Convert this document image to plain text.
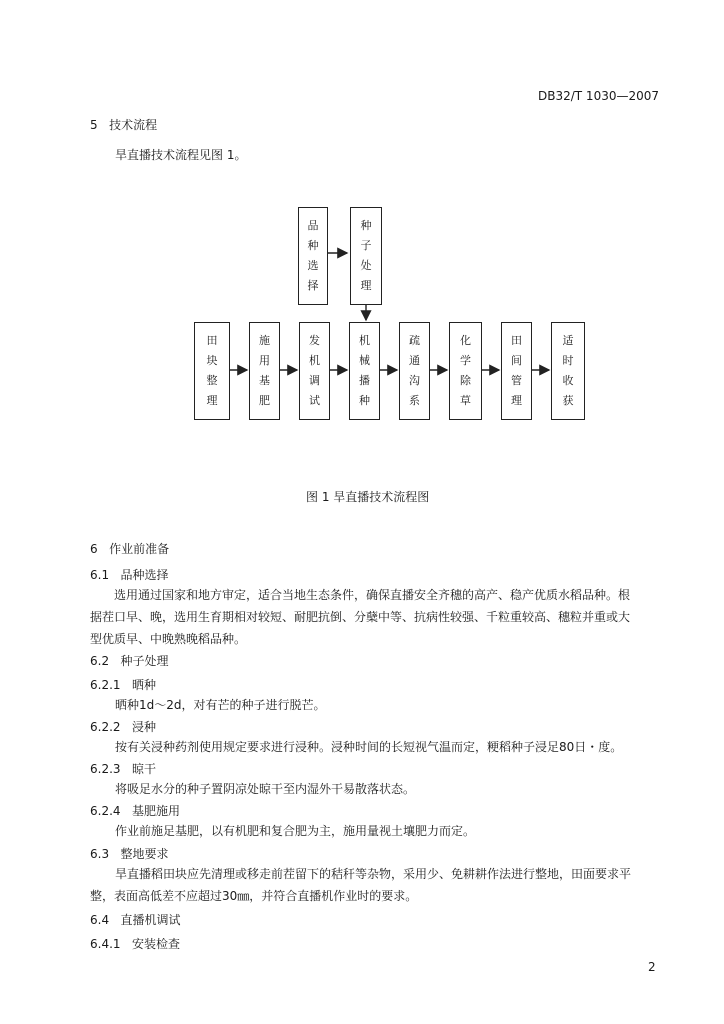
DB32/T 1030—2007
5 技术流程
旱直播技术流程见图 1。
品
种
选
择
种
子
处
理
田
块
整
理
施
用
基
肥
发
机
调
试
机
械
播
种
疏
通
沟
系
化
学
除
草
田
间
管
理
适
时
收
获
图 1 旱直播技术流程图
6 作业前准备
6.1 品种选择
选用通过国家和地方审定，适合当地生态条件，确保直播安全齐穗的高产、稳产优质水稻品种。根
据茬口早、晚，选用生育期相对较短、耐肥抗倒、分蘖中等、抗病性较强、千粒重较高、穗粒并重或大
型优质早、中晚熟晚稻品种。
6.2 种子处理
6.2.1 晒种
晒种1d～2d，对有芒的种子进行脱芒。
6.2.2 浸种
按有关浸种药剂使用规定要求进行浸种。浸种时间的长短视气温而定，粳稻种子浸足80日・度。
6.2.3 晾干
将吸足水分的种子置阴凉处晾干至内湿外干易散落状态。
6.2.4 基肥施用
作业前施足基肥，以有机肥和复合肥为主，施用量视土壤肥力而定。
6.3 整地要求
旱直播稻田块应先清理或移走前茬留下的秸秆等杂物，采用少、免耕耕作法进行整地，田面要求平
整，表面高低差不应超过30㎜，并符合直播机作业时的要求。
6.4 直播机调试
6.4.1 安装检查
2
